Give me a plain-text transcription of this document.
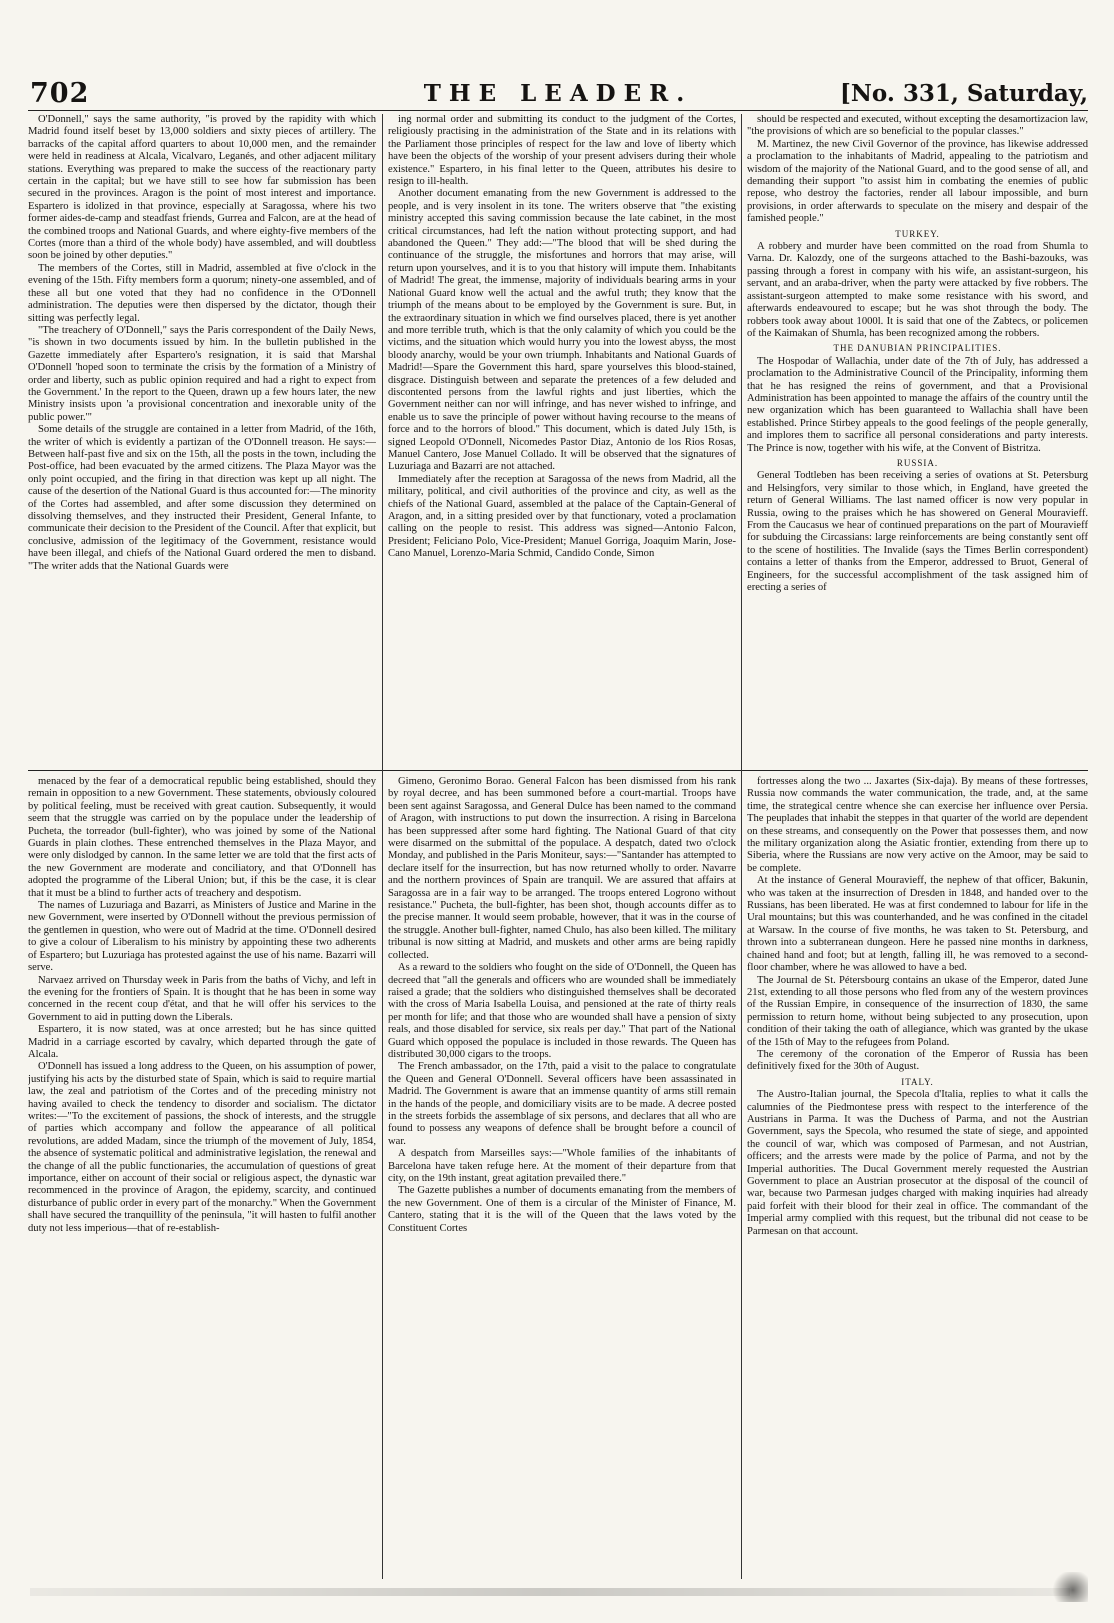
702	THE LEADER.	[No. 331, Saturday,

O'Donnell," says the same authority, "is proved by the rapidity with which Madrid found itself beset by 13,000 soldiers and sixty pieces of artillery. The barracks of the capital afford quarters to about 10,000 men, and the remainder were held in readiness at Alcala, Vicalvaro, Leganés, and other adjacent military stations. Everything was prepared to make the success of the reactionary party certain in the capital; but we have still to see how far submission has been secured in the provinces. Aragon is the point of most interest and importance. Espartero is idolized in that province, especially at Saragossa, where his two former aides-de-camp and steadfast friends, Gurrea and Falcon, are at the head of the combined troops and National Guards, and where eighty-five members of the Cortes (more than a third of the whole body) have assembled, and will doubtless soon be joined by other deputies."

The members of the Cortes, still in Madrid, assembled at five o'clock in the evening of the 15th. Fifty members form a quorum; ninety-one assembled, and of these all but one voted that they had no confidence in the O'Donnell administration. The deputies were then dispersed by the dictator, though their sitting was perfectly legal.

"The treachery of O'Donnell," says the Paris correspondent of the Daily News, "is shown in two documents issued by him. In the bulletin published in the Gazette immediately after Espartero's resignation, it is said that Marshal O'Donnell 'hoped soon to terminate the crisis by the formation of a Ministry of order and liberty, such as public opinion required and had a right to expect from the Government.' In the report to the Queen, drawn up a few hours later, the new Ministry insists upon 'a provisional concentration and inexorable unity of the public power.'"

Some details of the struggle are contained in a letter from Madrid, of the 16th, the writer of which is evidently a partizan of the O'Donnell treason. He says:— Between half-past five and six on the 15th, all the posts in the town, including the Post-office, had been evacuated by the armed citizens. The Plaza Mayor was the only point occupied, and the firing in that direction was kept up all night. The cause of the desertion of the National Guard is thus accounted for:—The minority of the Cortes had assembled, and after some discussion they determined on dissolving themselves, and they instructed their President, General Infante, to communicate their decision to the President of the Council. After that explicit, but conclusive, admission of the legitimacy of the Government, resistance would have been illegal, and chiefs of the National Guard ordered the men to disband. "The writer adds that the National Guards were

ing normal order and submitting its conduct to the judgment of the Cortes, religiously practising in the administration of the State and in its relations with the Parliament those principles of respect for the law and love of liberty which have been the objects of the worship of your present advisers during their whole existence." Espartero, in his final letter to the Queen, attributes his desire to resign to ill-health.

Another document emanating from the new Government is addressed to the people, and is very insolent in its tone. The writers observe that "the existing ministry accepted this saving commission because the late cabinet, in the most critical circumstances, had left the nation without protecting support, and had abandoned the Queen." They add:—"The blood that will be shed during the continuance of the struggle, the misfortunes and horrors that may arise, will return upon yourselves, and it is to you that history will impute them. Inhabitants of Madrid! The great, the immense, majority of individuals bearing arms in your National Guard know well the actual and the awful truth; they know that the triumph of the means about to be employed by the Government is sure. But, in the extraordinary situation in which we find ourselves placed, there is yet another and more terrible truth, which is that the only calamity of which you could be the victims, and the situation which would hurry you into the lowest abyss, the most bloody anarchy, would be your own triumph. Inhabitants and National Guards of Madrid!—Spare the Government this hard, spare yourselves this blood-stained, disgrace. Distinguish between and separate the pretences of a few deluded and discontented persons from the lawful rights and just liberties, which the Government neither can nor will infringe, and has never wished to infringe, and enable us to save the principle of power without having recourse to the means of force and to the horrors of blood." This document, which is dated July 15th, is signed Leopold O'Donnell, Nicomedes Pastor Diaz, Antonio de los Rios Rosas, Manuel Cantero, Jose Manuel Collado. It will be observed that the signatures of Luzuriaga and Bazarri are not attached.

Immediately after the reception at Saragossa of the news from Madrid, all the military, political, and civil authorities of the province and city, as well as the chiefs of the National Guard, assembled at the palace of the Captain-General of Aragon, and, in a sitting presided over by that functionary, voted a proclamation calling on the people to resist. This address was signed—Antonio Falcon, President; Feliciano Polo, Vice-President; Manuel Gorriga, Joaquim Marin, Jose-Cano Manuel, Lorenzo-Maria Schmid, Candido Conde, Simon

should be respected and executed, without excepting the desamortizacion law, "the provisions of which are so beneficial to the popular classes."

M. Martinez, the new Civil Governor of the province, has likewise addressed a proclamation to the inhabitants of Madrid, appealing to the patriotism and wisdom of the majority of the National Guard, and to the good sense of all, and demanding their support "to assist him in combating the enemies of public repose, who destroy the factories, render all labour impossible, and burn provisions, in order afterwards to speculate on the misery and despair of the famished people."

TURKEY.

A robbery and murder have been committed on the road from Shumla to Varna. Dr. Kalozdy, one of the surgeons attached to the Bashi-bazouks, was passing through a forest in company with his wife, an assistant-surgeon, his servant, and an araba-driver, when the party were attacked by five robbers. The assistant-surgeon attempted to make some resistance with his sword, and afterwards endeavoured to escape; but he was shot through the body. The robbers took away about 1000l. It is said that one of the Zabtecs, or policemen of the Kaimakan of Shumla, has been recognized among the robbers.

THE DANUBIAN PRINCIPALITIES.

The Hospodar of Wallachia, under date of the 7th of July, has addressed a proclamation to the Administrative Council of the Principality, informing them that he has resigned the reins of government, and that a Provisional Administration has been appointed to manage the affairs of the country until the new organization which has been guaranteed to Wallachia shall have been established. Prince Stirbey appeals to the good feelings of the people generally, and implores them to sacrifice all personal considerations and party interests. The Prince is now, together with his wife, at the Convent of Bistritza.

RUSSIA.

General Todtleben has been receiving a series of ovations at St. Petersburg and Helsingfors, very similar to those which, in England, have greeted the return of General Williams. The last named officer is now very popular in Russia, owing to the praises which he has showered on General Mouravieff. From the Caucasus we hear of continued preparations on the part of Mouravieff for subduing the Circassians: large reinforcements are being constantly sent off to the scene of hostilities. The Invalide (says the Times Berlin correspondent) contains a letter of thanks from the Emperor, addressed to Bruot, General of Engineers, for the successful accomplishment of the task assigned him of erecting a series of

menaced by the fear of a democratical republic being established, should they remain in opposition to a new Government. These statements, obviously coloured by political feeling, must be received with great caution. Subsequently, it would seem that the struggle was carried on by the populace under the leadership of Pucheta, the torreador (bull-fighter), who was joined by some of the National Guards in plain clothes. These entrenched themselves in the Plaza Mayor, and were only dislodged by cannon. In the same letter we are told that the first acts of the new Government are moderate and conciliatory, and that O'Donnell has adopted the programme of the Liberal Union; but, if this be the case, it is clear that it must be a blind to further acts of treachery and despotism.

The names of Luzuriaga and Bazarri, as Ministers of Justice and Marine in the new Government, were inserted by O'Donnell without the previous permission of the gentlemen in question, who were out of Madrid at the time. O'Donnell desired to give a colour of Liberalism to his ministry by appointing these two adherents of Espartero; but Luzuriaga has protested against the use of his name. Bazarri will serve.

Narvaez arrived on Thursday week in Paris from the baths of Vichy, and left in the evening for the frontiers of Spain. It is thought that he has been in some way concerned in the recent coup d'état, and that he will offer his services to the Government to aid in putting down the Liberals.

Espartero, it is now stated, was at once arrested; but he has since quitted Madrid in a carriage escorted by cavalry, which departed through the gate of Alcala.

O'Donnell has issued a long address to the Queen, on his assumption of power, justifying his acts by the disturbed state of Spain, which is said to require martial law, the zeal and patriotism of the Cortes and of the preceding ministry not having availed to check the tendency to disorder and socialism. The dictator writes:—"To the excitement of passions, the shock of interests, and the struggle of parties which accompany and follow the appearance of all political revolutions, are added Madam, since the triumph of the movement of July, 1854, the absence of systematic political and administrative legislation, the renewal and the change of all the public functionaries, the accumulation of questions of great importance, either on account of their social or religious aspect, the dynastic war recommenced in the province of Aragon, the epidemy, scarcity, and continued disturbance of public order in every part of the monarchy." When the Government shall have secured the tranquillity of the peninsula, "it will hasten to fulfil another duty not less imperious—that of re-establish-

Gimeno, Geronimo Borao. General Falcon has been dismissed from his rank by royal decree, and has been summoned before a court-martial. Troops have been sent against Saragossa, and General Dulce has been named to the command of Aragon, with instructions to put down the insurrection. A rising in Barcelona has been suppressed after some hard fighting. The National Guard of that city were disarmed on the submittal of the populace. A despatch, dated two o'clock Monday, and published in the Paris Moniteur, says:—"Santander has attempted to declare itself for the insurrection, but has now returned wholly to order. Navarre and the northern provinces of Spain are tranquil. We are assured that affairs at Saragossa are in a fair way to be arranged. The troops entered Logrono without resistance." Pucheta, the bull-fighter, has been shot, though accounts differ as to the precise manner. It would seem probable, however, that it was in the course of the struggle. Another bull-fighter, named Chulo, has also been killed. The military tribunal is now sitting at Madrid, and muskets and other arms are being rapidly collected.

As a reward to the soldiers who fought on the side of O'Donnell, the Queen has decreed that "all the generals and officers who are wounded shall be immediately raised a grade; that the soldiers who distinguished themselves shall be decorated with the cross of Maria Isabella Louisa, and pensioned at the rate of thirty reals per month for life; and that those who are wounded shall have a pension of sixty reals, and those disabled for service, six reals per day." That part of the National Guard which opposed the populace is included in those rewards. The Queen has distributed 30,000 cigars to the troops.

The French ambassador, on the 17th, paid a visit to the palace to congratulate the Queen and General O'Donnell. Several officers have been assassinated in Madrid. The Government is aware that an immense quantity of arms still remain in the hands of the people, and domiciliary visits are to be made. A decree posted in the streets forbids the assemblage of six persons, and declares that all who are found to possess any weapons of defence shall be brought before a council of war.

A despatch from Marseilles says:—"Whole families of the inhabitants of Barcelona have taken refuge here. At the moment of their departure from that city, on the 19th instant, great agitation prevailed there."

The Gazette publishes a number of documents emanating from the members of the new Government. One of them is a circular of the Minister of Finance, M. Cantero, stating that it is the will of the Queen that the laws voted by the Constituent Cortes

fortresses along the two ... Jaxartes (Six-daja). By means of these fortresses, Russia now commands the water communication, the trade, and, at the same time, the strategical centre whence she can exercise her influence over Persia. The peuplades that inhabit the steppes in that quarter of the world are dependent on these streams, and consequently on the Power that possesses them, and now the military organization along the Asiatic frontier, extending from there up to Siberia, where the Russians are now very active on the Amoor, may be said to be complete.

At the instance of General Mouravieff, the nephew of that officer, Bakunin, who was taken at the insurrection of Dresden in 1848, and handed over to the Russians, has been liberated. He was at first condemned to labour for life in the Ural mountains; but this was counterhanded, and he was confined in the citadel at Warsaw. In the course of five months, he was taken to St. Petersburg, and thrown into a subterranean dungeon. Here he passed nine months in darkness, chained hand and foot; but at length, falling ill, he was removed to a second-floor chamber, where he was allowed to have a bed.

The Journal de St. Pétersbourg contains an ukase of the Emperor, dated June 21st, extending to all those persons who fled from any of the western provinces of the Russian Empire, in consequence of the insurrection of 1830, the same permission to return home, without being subjected to any prosecution, upon condition of their taking the oath of allegiance, which was granted by the ukase of the 15th of May to the refugees from Poland.

The ceremony of the coronation of the Emperor of Russia has been definitively fixed for the 30th of August.

ITALY.

The Austro-Italian journal, the Specola d'Italia, replies to what it calls the calumnies of the Piedmontese press with respect to the interference of the Austrians in Parma. It was the Duchess of Parma, and not the Austrian Government, says the Specola, who resumed the state of siege, and appointed the council of war, which was composed of Parmesan, and not Austrian, officers; and the arrests were made by the police of Parma, and not by the Imperial authorities. The Ducal Government merely requested the Austrian Government to place an Austrian prosecutor at the disposal of the council of war, because two Parmesan judges charged with making inquiries had already paid forfeit with their blood for their zeal in office. The commandant of the Imperial army complied with this request, but the tribunal did not cease to be Parmesan on that account.
